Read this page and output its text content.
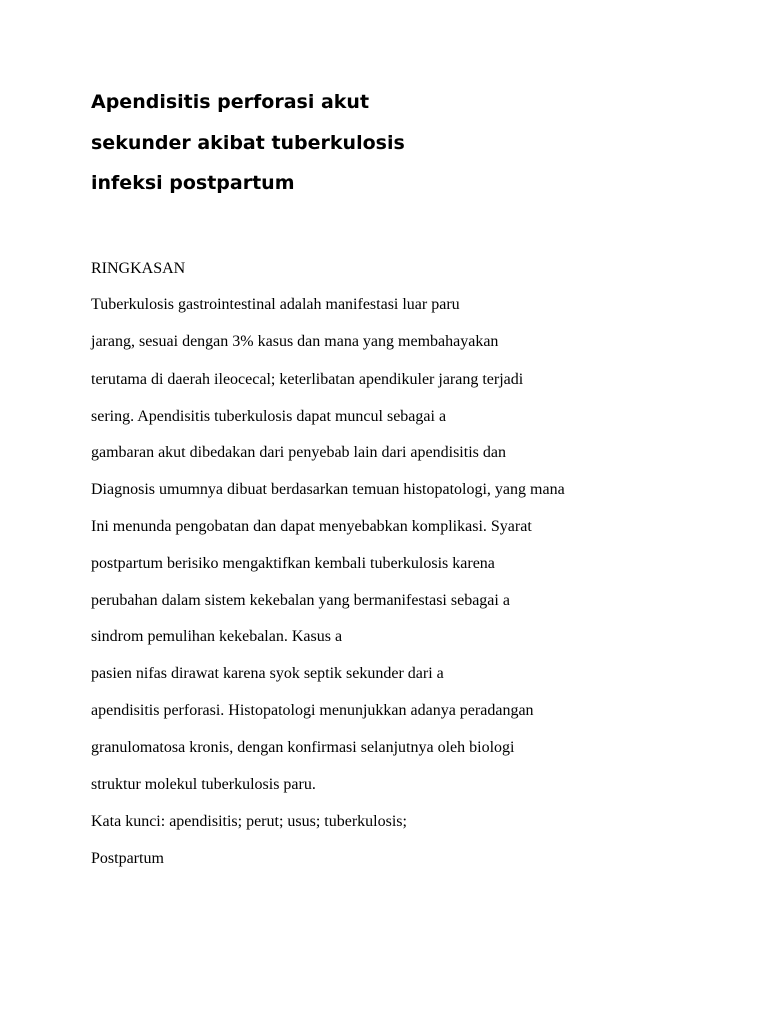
Apendisitis perforasi akut
sekunder akibat tuberkulosis
infeksi postpartum

RINGKASAN

Tuberkulosis gastrointestinal adalah manifestasi luar paru

jarang, sesuai dengan 3% kasus dan mana yang membahayakan

terutama di daerah ileocecal; keterlibatan apendikuler jarang terjadi

sering. Apendisitis tuberkulosis dapat muncul sebagai a

gambaran akut dibedakan dari penyebab lain dari apendisitis dan

Diagnosis umumnya dibuat berdasarkan temuan histopatologi, yang mana

Ini menunda pengobatan dan dapat menyebabkan komplikasi. Syarat

postpartum berisiko mengaktifkan kembali tuberkulosis karena

perubahan dalam sistem kekebalan yang bermanifestasi sebagai a

sindrom pemulihan kekebalan. Kasus a

pasien nifas dirawat karena syok septik sekunder dari a

apendisitis perforasi. Histopatologi menunjukkan adanya peradangan

granulomatosa kronis, dengan konfirmasi selanjutnya oleh biologi

struktur molekul tuberkulosis paru.

Kata kunci: apendisitis; perut; usus; tuberkulosis;

Postpartum
